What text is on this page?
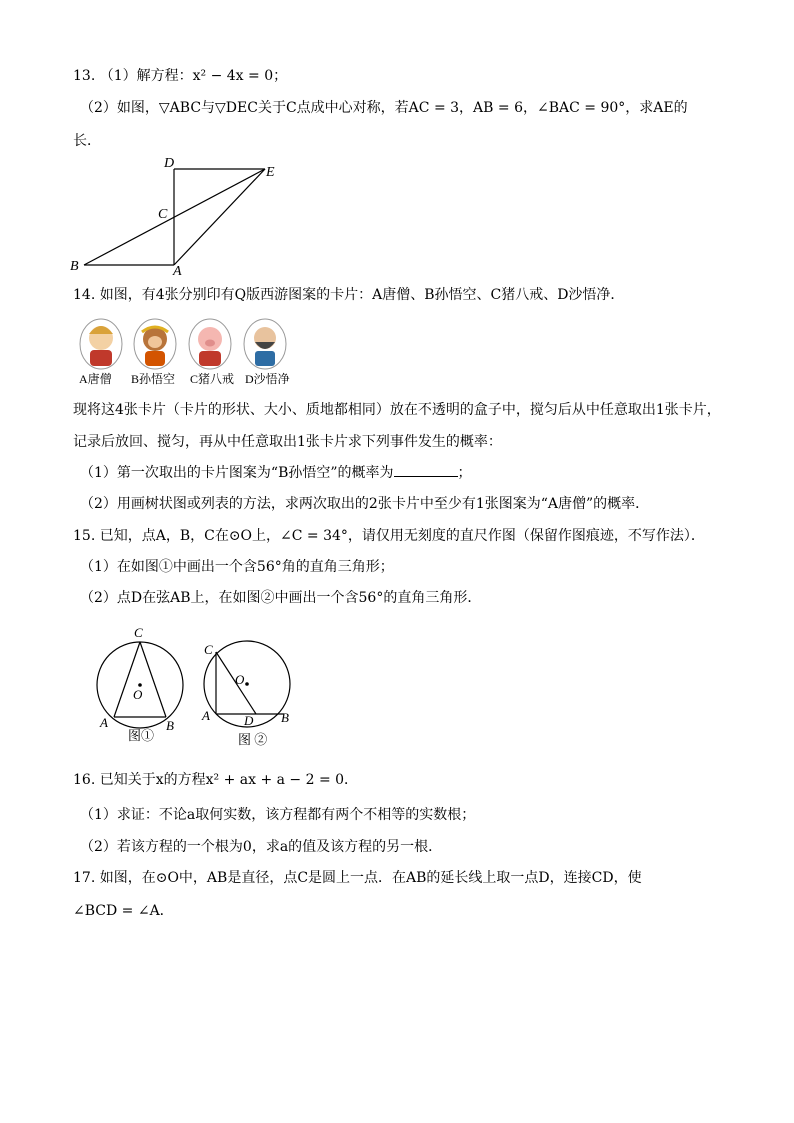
13. （1）解方程：x² − 4x = 0；
（2）如图，▽ABC与▽DEC关于C点成中心对称，若AC = 3，AB = 6，∠BAC = 90°，求AE的
长．
D
E
C
B	A
14. 如图，有4张分别印有Q版西游图案的卡片：A唐僧、B孙悟空、C猪八戒、D沙悟净．
A唐僧 B孙悟空 C猪八戒 D沙悟净
现将这4张卡片（卡片的形状、大小、质地都相同）放在不透明的盒子中，搅匀后从中任意取出1张卡片，
记录后放回、搅匀，再从中任意取出1张卡片求下列事件发生的概率：
（1）第一次取出的卡片图案为“B孙悟空”的概率为	；
（2）用画树状图或列表的方法，求两次取出的2张卡片中至少有1张图案为“A唐僧”的概率．
15. 已知，点A，B，C在⊙O上，∠C = 34°，请仅用无刻度的直尺作图（保留作图痕迹，不写作法）．
（1）在如图①中画出一个含56°角的直角三角形；
（2）点D在弦AB上，在如图②中画出一个含56°的直角三角形．
C
O
A	B
图①
C
O
A	D B
图 ②
16. 已知关于x的方程x² + ax + a − 2 = 0．
（1）求证：不论a取何实数，该方程都有两个不相等的实数根；
（2）若该方程的一个根为0，求a的值及该方程的另一根．
17. 如图，在⊙O中，AB是直径，点C是圆上一点．在AB的延长线上取一点D，连接CD，使
∠BCD = ∠A．
